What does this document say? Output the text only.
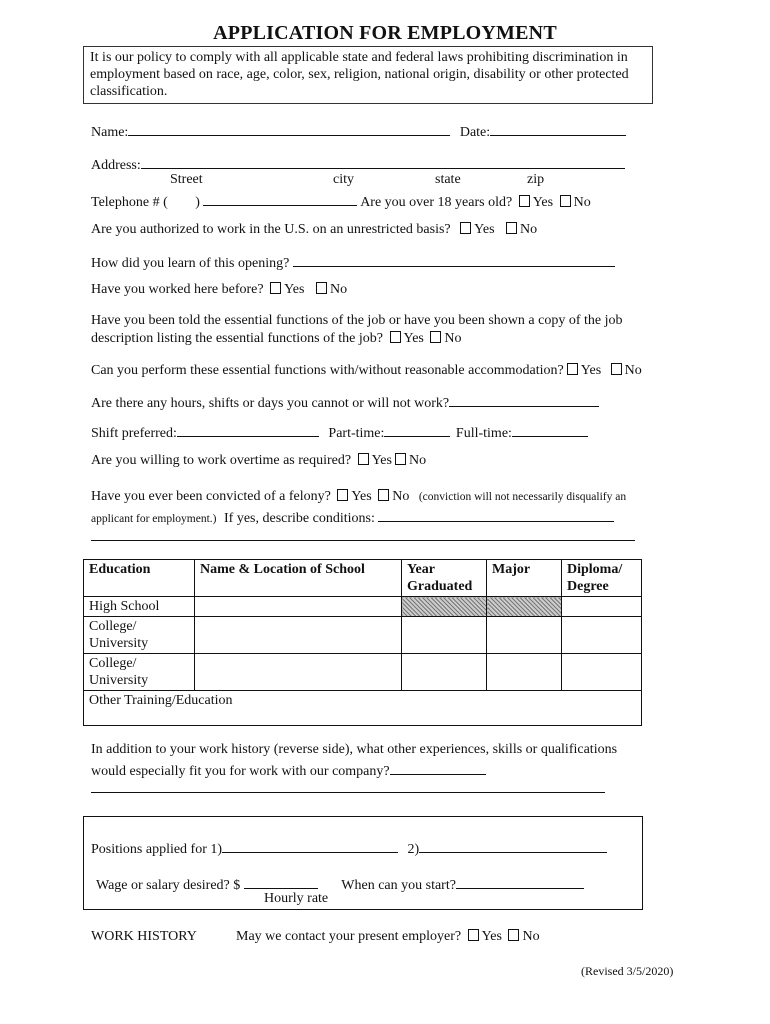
APPLICATION FOR EMPLOYMENT
It is our policy to comply with all applicable state and federal laws prohibiting discrimination in employment based on race, age, color, sex, religion, national origin, disability or other protected classification.
Name:	Date:
Address:
Street	city	state	zip
Telephone # ( )	Are you over 18 years old? Yes No
Are you authorized to work in the U.S. on an unrestricted basis? Yes No
How did you learn of this opening?
Have you worked here before? Yes No
Have you been told the essential functions of the job or have you been shown a copy of the job
description listing the essential functions of the job? Yes No
Can you perform these essential functions with/without reasonable accommodation? Yes No
Are there any hours, shifts or days you cannot or will not work?
Shift preferred:	Part-time:	Full-time:
Are you willing to work overtime as required? Yes No
Have you ever been convicted of a felony? Yes No (conviction will not necessarily disqualify an
applicant for employment.) If yes, describe conditions:
Education	Name & Location of School	Year Graduated	Major	Diploma/ Degree
High School				
College/ University				
College/ University				
Other Training/Education				
In addition to your work history (reverse side), what other experiences, skills or qualifications
would especially fit you for work with our company?
Positions applied for 1)	2)
Wage or salary desired? $	When can you start?
Hourly rate
WORK HISTORY	May we contact your present employer? Yes No
(Revised 3/5/2020)
